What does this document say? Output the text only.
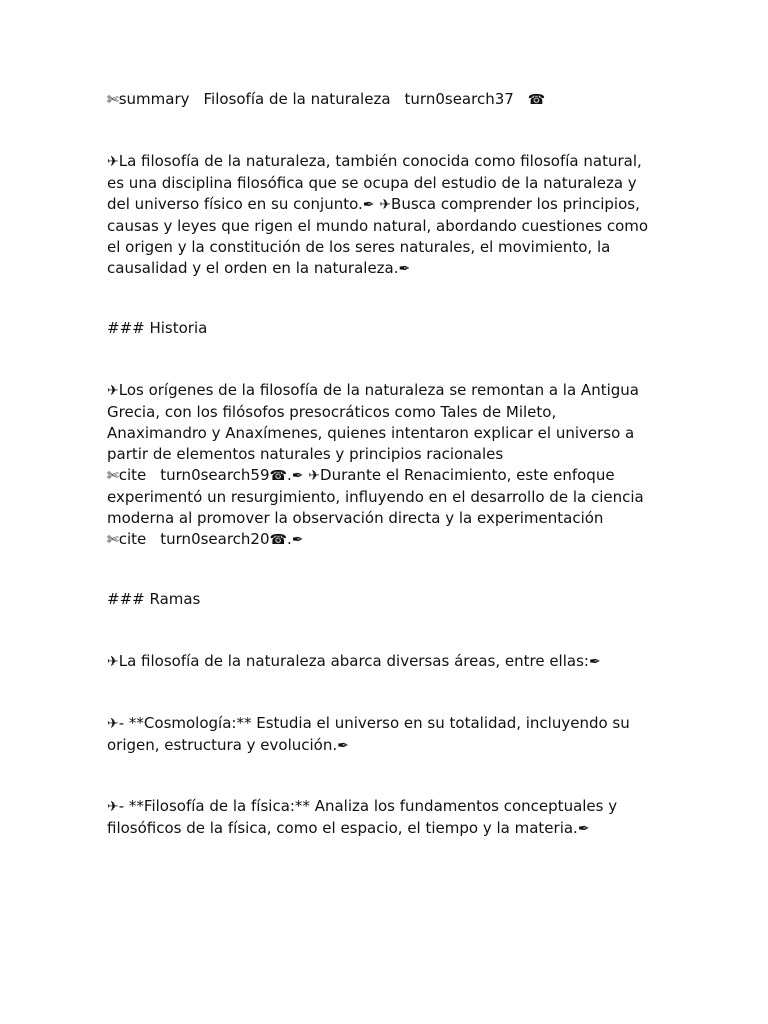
✄summary Filosofía de la naturaleza turn0search37 ☎

✈La filosofía de la naturaleza, también conocida como filosofía natural,
es una disciplina filosófica que se ocupa del estudio de la naturaleza y
del universo físico en su conjunto.✒ ✈Busca comprender los principios,
causas y leyes que rigen el mundo natural, abordando cuestiones como
el origen y la constitución de los seres naturales, el movimiento, la
causalidad y el orden en la naturaleza.✒

### Historia

✈Los orígenes de la filosofía de la naturaleza se remontan a la Antigua
Grecia, con los filósofos presocráticos como Tales de Mileto,
Anaximandro y Anaxímenes, quienes intentaron explicar el universo a
partir de elementos naturales y principios racionales
✄cite turn0search59☎.✒ ✈Durante el Renacimiento, este enfoque
experimentó un resurgimiento, influyendo en el desarrollo de la ciencia
moderna al promover la observación directa y la experimentación
✄cite turn0search20☎.✒

### Ramas

✈La filosofía de la naturaleza abarca diversas áreas, entre ellas:✒

✈- **Cosmología:** Estudia el universo en su totalidad, incluyendo su
origen, estructura y evolución.✒

✈- **Filosofía de la física:** Analiza los fundamentos conceptuales y
filosóficos de la física, como el espacio, el tiempo y la materia.✒
